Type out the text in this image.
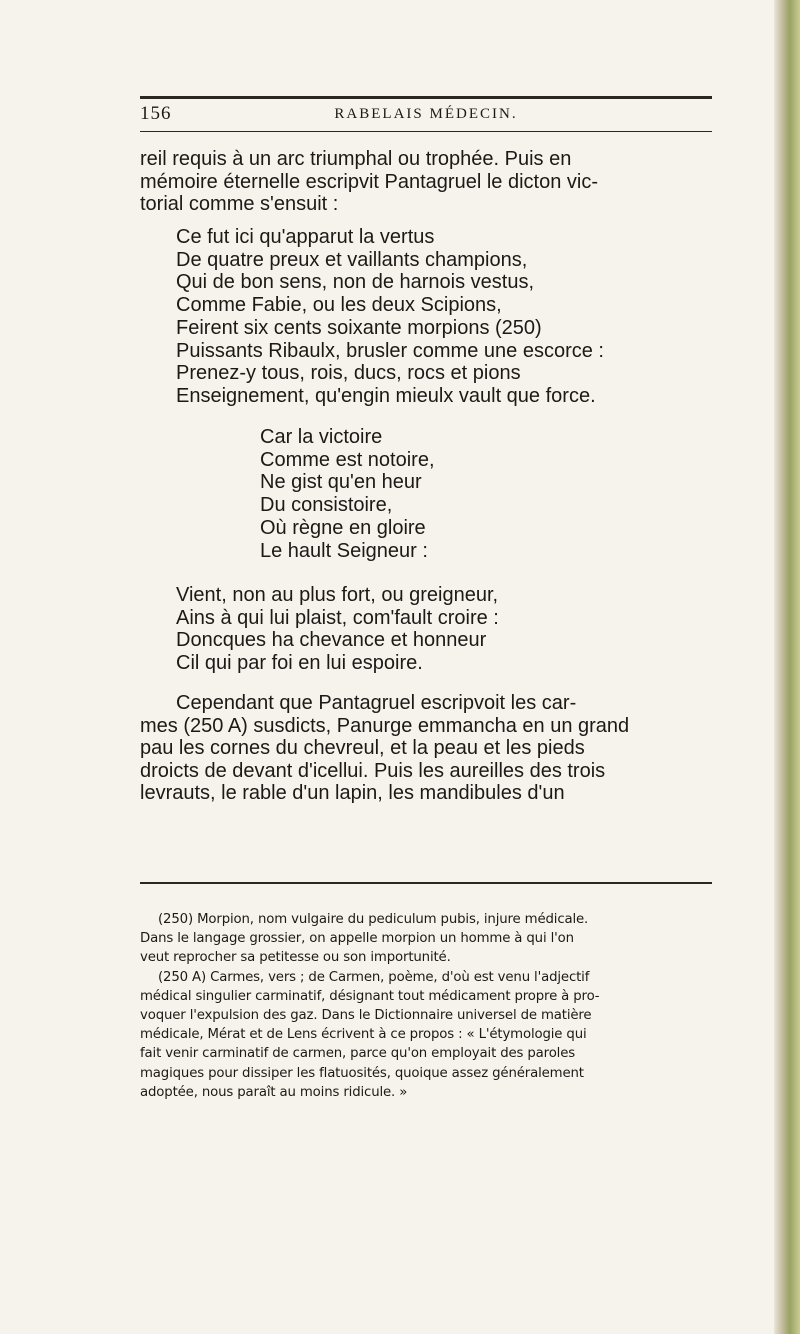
156	RABELAIS MÉDECIN.

reil requis à un arc triumphal ou trophée. Puis en

mémoire éternelle escripvit Pantagruel le dicton vic-

torial comme s'ensuit :

Ce fut ici qu'apparut la vertus
De quatre preux et vaillants champions,
Qui de bon sens, non de harnois vestus,
Comme Fabie, ou les deux Scipions,
Feirent six cents soixante morpions (250)
Puissants Ribaulx, brusler comme une escorce :
Prenez-y tous, rois, ducs, rocs et pions
Enseignement, qu'engin mieulx vault que force.
Car la victoire
Comme est notoire,
Ne gist qu'en heur
Du consistoire,
Où règne en gloire
Le hault Seigneur :
Vient, non au plus fort, ou greigneur,
Ains à qui lui plaist, com'fault croire :
Doncques ha chevance et honneur
Cil qui par foi en lui espoire.

Cependant que Pantagruel escripvoit les car-

mes (250 A) susdicts, Panurge emmancha en un grand

pau les cornes du chevreul, et la peau et les pieds

droicts de devant d'icellui. Puis les aureilles des trois

levrauts, le rable d'un lapin, les mandibules d'un

(250) Morpion, nom vulgaire du pediculum pubis, injure médicale.

Dans le langage grossier, on appelle morpion un homme à qui l'on

veut reprocher sa petitesse ou son importunité.

(250 A) Carmes, vers ; de Carmen, poème, d'où est venu l'adjectif

médical singulier carminatif, désignant tout médicament propre à pro-

voquer l'expulsion des gaz. Dans le Dictionnaire universel de matière

médicale, Mérat et de Lens écrivent à ce propos : « L'étymologie qui

fait venir carminatif de carmen, parce qu'on employait des paroles

magiques pour dissiper les flatuosités, quoique assez généralement

adoptée, nous paraît au moins ridicule. »
